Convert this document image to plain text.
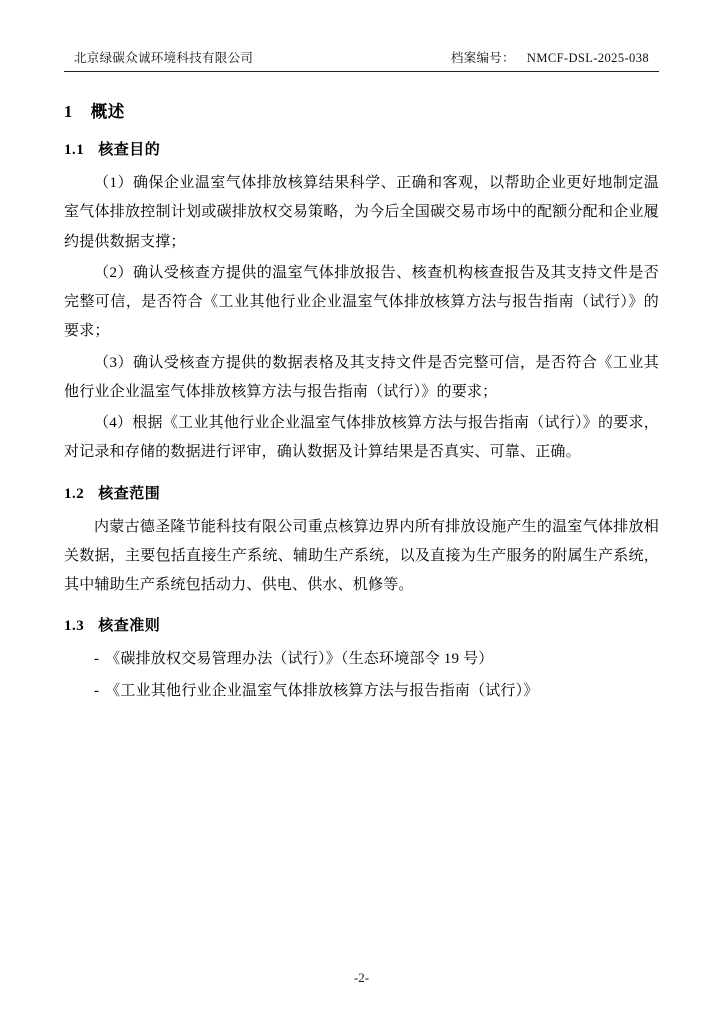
北京绿碳众诚环境科技有限公司	档案编号： NMCF-DSL-2025-038
1 概述
1.1 核查目的

（1）确保企业温室气体排放核算结果科学、正确和客观，以帮助企业更好地制定温室气体排放控制计划或碳排放权交易策略，为今后全国碳交易市场中的配额分配和企业履约提供数据支撑；

（2）确认受核查方提供的温室气体排放报告、核查机构核查报告及其支持文件是否完整可信，是否符合《工业其他行业企业温室气体排放核算方法与报告指南（试行）》的要求；

（3）确认受核查方提供的数据表格及其支持文件是否完整可信，是否符合《工业其他行业企业温室气体排放核算方法与报告指南（试行）》的要求；

（4）根据《工业其他行业企业温室气体排放核算方法与报告指南（试行）》的要求，对记录和存储的数据进行评审，确认数据及计算结果是否真实、可靠、正确。

1.2 核查范围

内蒙古德圣隆节能科技有限公司重点核算边界内所有排放设施产生的温室气体排放相关数据，主要包括直接生产系统、辅助生产系统，以及直接为生产服务的附属生产系统，其中辅助生产系统包括动力、供电、供水、机修等。

1.3 核查准则

- 《碳排放权交易管理办法（试行）》（生态环境部令 19 号）

- 《工业其他行业企业温室气体排放核算方法与报告指南（试行）》

-2-
